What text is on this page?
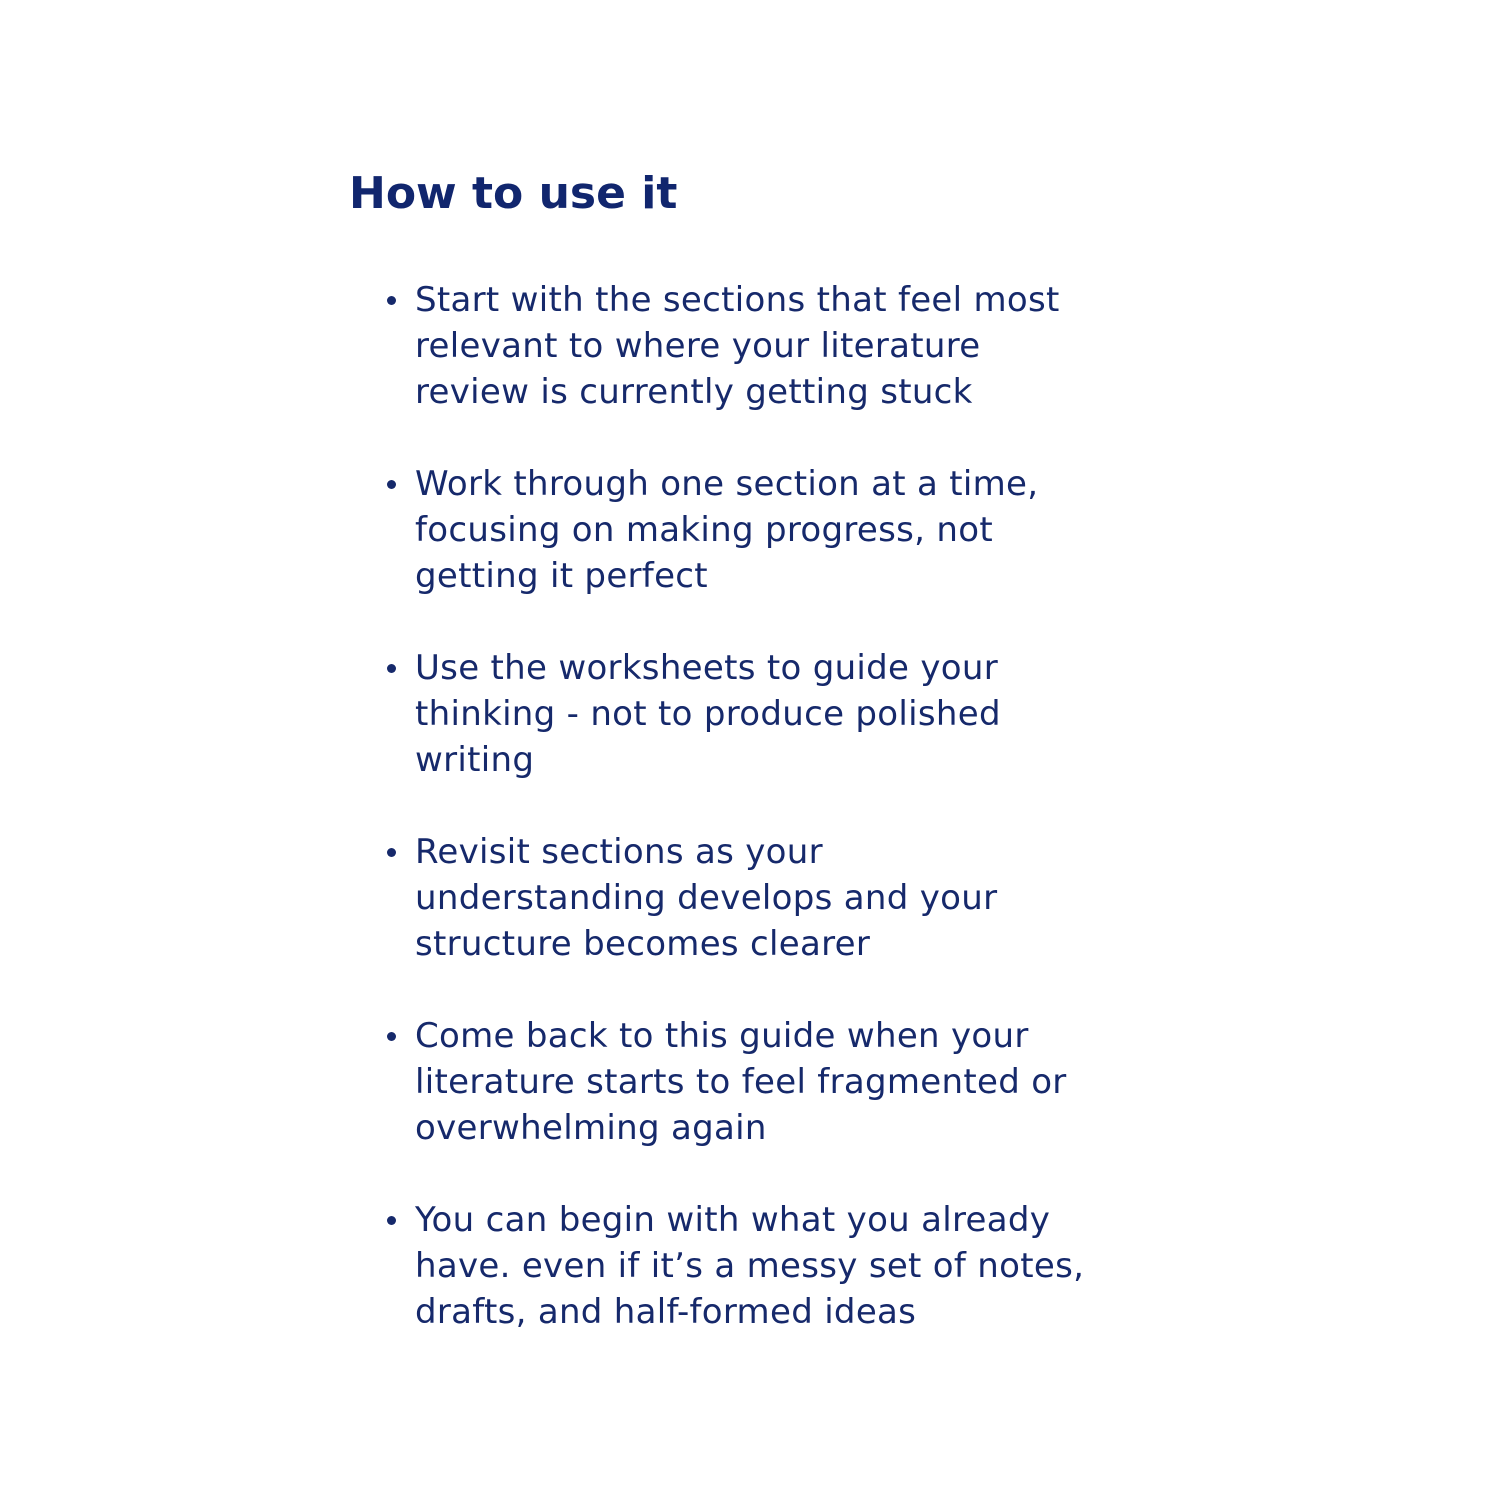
How to use it
Start with the sections that feel most
relevant to where your literature
review is currently getting stuck
Work through one section at a time,
focusing on making progress, not
getting it perfect
Use the worksheets to guide your
thinking - not to produce polished
writing
Revisit sections as your
understanding develops and your
structure becomes clearer
Come back to this guide when your
literature starts to feel fragmented or
overwhelming again
You can begin with what you already
have. even if it’s a messy set of notes,
drafts, and half-formed ideas
